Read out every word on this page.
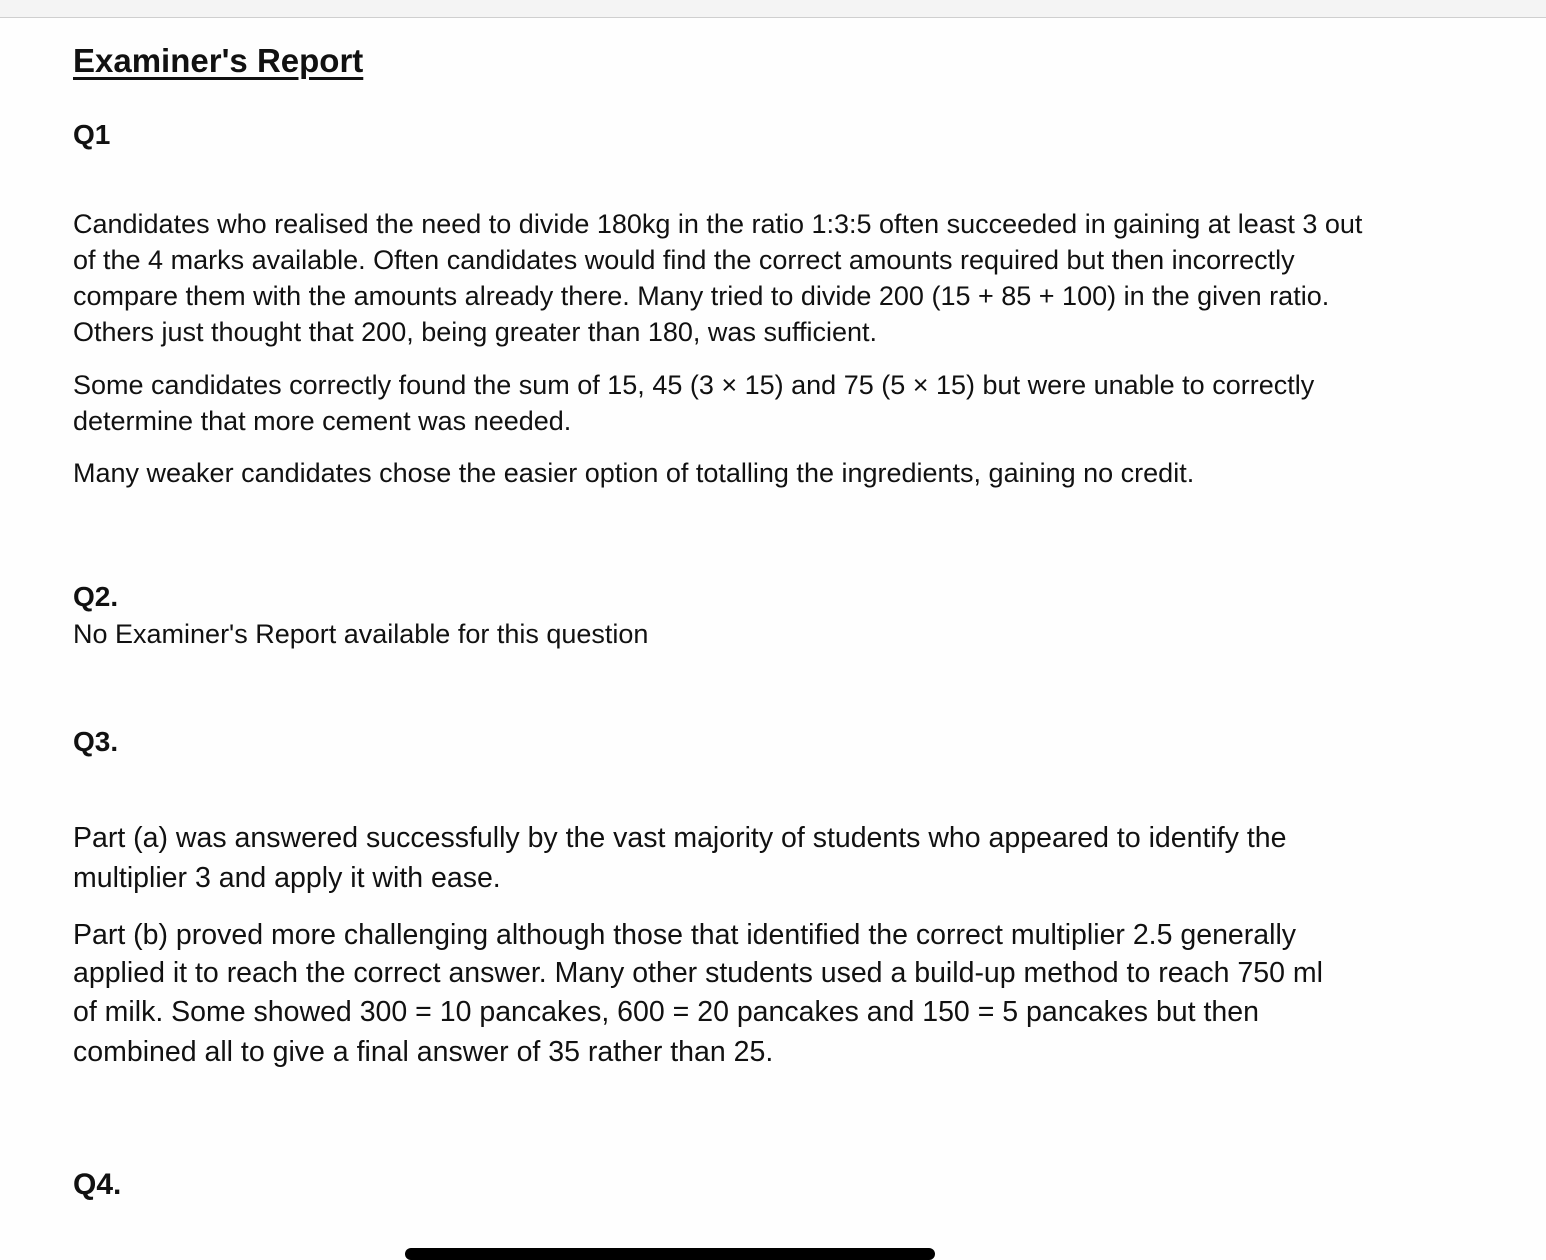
Examiner's Report
Q1
Candidates who realised the need to divide 180kg in the ratio 1:3:5 often succeeded in gaining at least 3 out
of the 4 marks available. Often candidates would find the correct amounts required but then incorrectly
compare them with the amounts already there. Many tried to divide 200 (15 + 85 + 100) in the given ratio.
Others just thought that 200, being greater than 180, was sufficient.
Some candidates correctly found the sum of 15, 45 (3 × 15) and 75 (5 × 15) but were unable to correctly
determine that more cement was needed.
Many weaker candidates chose the easier option of totalling the ingredients, gaining no credit.
Q2.
No Examiner's Report available for this question
Q3.
Part (a) was answered successfully by the vast majority of students who appeared to identify the
multiplier 3 and apply it with ease.
Part (b) proved more challenging although those that identified the correct multiplier 2.5 generally
applied it to reach the correct answer. Many other students used a build-up method to reach 750 ml
of milk. Some showed 300 = 10 pancakes, 600 = 20 pancakes and 150 = 5 pancakes but then
combined all to give a final answer of 35 rather than 25.
Q4.
